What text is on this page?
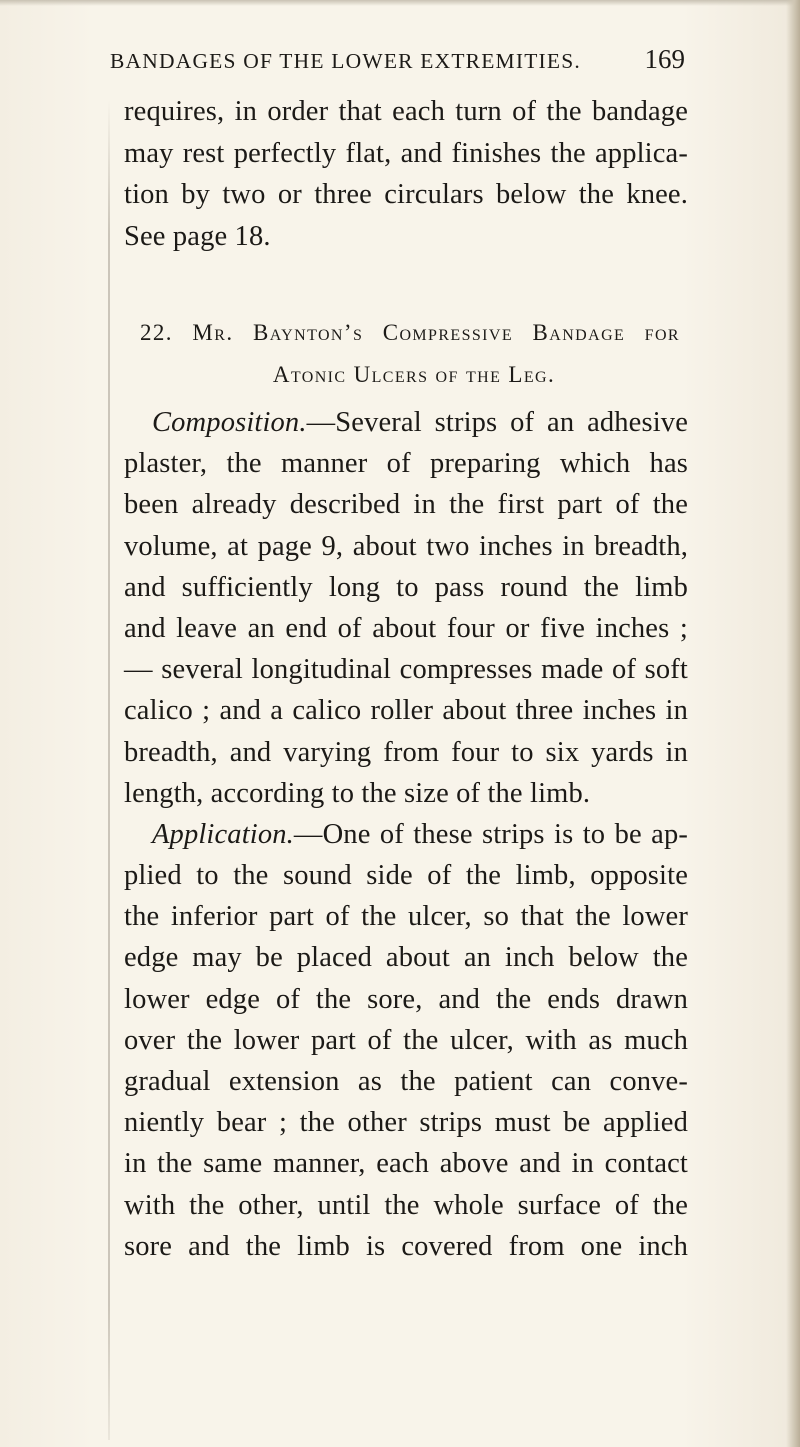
BANDAGES OF THE LOWER EXTREMITIES. 169
requires, in order that each turn of the bandage
may rest perfectly flat, and finishes the applica-
tion by two or three circulars below the knee.
See page 18.
22. Mr. Baynton’s Compressive Bandage for
Atonic Ulcers of the Leg.
Composition.—Several strips of an adhesive
plaster, the manner of preparing which has
been already described in the first part of the
volume, at page 9, about two inches in breadth,
and sufficiently long to pass round the limb
and leave an end of about four or five inches ;
— several longitudinal compresses made of soft
calico ; and a calico roller about three inches in
breadth, and varying from four to six yards in
length, according to the size of the limb.
Application.—One of these strips is to be ap-
plied to the sound side of the limb, opposite
the inferior part of the ulcer, so that the lower
edge may be placed about an inch below the
lower edge of the sore, and the ends drawn
over the lower part of the ulcer, with as much
gradual extension as the patient can conve-
niently bear ; the other strips must be applied
in the same manner, each above and in contact
with the other, until the whole surface of the
sore and the limb is covered from one inch
